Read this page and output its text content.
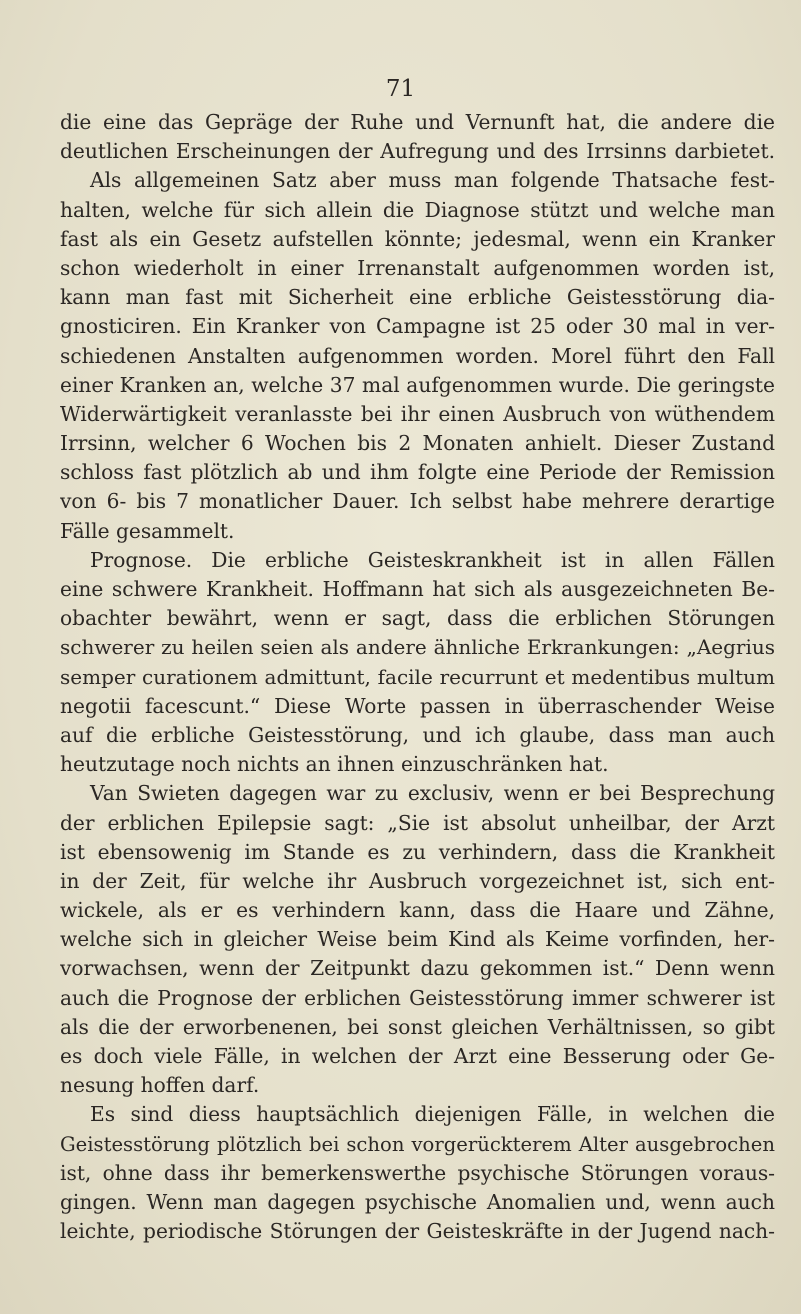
71
die eine das Gepräge der Ruhe und Vernunft hat, die andere die
deutlichen Erscheinungen der Aufregung und des Irrsinns darbietet.
Als allgemeinen Satz aber muss man folgende Thatsache fest-
halten, welche für sich allein die Diagnose stützt und welche man
fast als ein Gesetz aufstellen könnte; jedesmal, wenn ein Kranker
schon wiederholt in einer Irrenanstalt aufgenommen worden ist,
kann man fast mit Sicherheit eine erbliche Geistesstörung dia-
gnosticiren. Ein Kranker von Campagne ist 25 oder 30 mal in ver-
schiedenen Anstalten aufgenommen worden. Morel führt den Fall
einer Kranken an, welche 37 mal aufgenommen wurde. Die geringste
Widerwärtigkeit veranlasste bei ihr einen Ausbruch von wüthendem
Irrsinn, welcher 6 Wochen bis 2 Monaten anhielt. Dieser Zustand
schloss fast plötzlich ab und ihm folgte eine Periode der Remission
von 6- bis 7 monatlicher Dauer. Ich selbst habe mehrere derartige
Fälle gesammelt.
Prognose. Die erbliche Geisteskrankheit ist in allen Fällen
eine schwere Krankheit. Hoffmann hat sich als ausgezeichneten Be-
obachter bewährt, wenn er sagt, dass die erblichen Störungen
schwerer zu heilen seien als andere ähnliche Erkrankungen: „Aegrius
semper curationem admittunt, facile recurrunt et medentibus multum
negotii facescunt.“ Diese Worte passen in überraschender Weise
auf die erbliche Geistesstörung, und ich glaube, dass man auch
heutzutage noch nichts an ihnen einzuschränken hat.
Van Swieten dagegen war zu exclusiv, wenn er bei Besprechung
der erblichen Epilepsie sagt: „Sie ist absolut unheilbar, der Arzt
ist ebensowenig im Stande es zu verhindern, dass die Krankheit
in der Zeit, für welche ihr Ausbruch vorgezeichnet ist, sich ent-
wickele, als er es verhindern kann, dass die Haare und Zähne,
welche sich in gleicher Weise beim Kind als Keime vorfinden, her-
vorwachsen, wenn der Zeitpunkt dazu gekommen ist.“ Denn wenn
auch die Prognose der erblichen Geistesstörung immer schwerer ist
als die der erworbenenen, bei sonst gleichen Verhältnissen, so gibt
es doch viele Fälle, in welchen der Arzt eine Besserung oder Ge-
nesung hoffen darf.
Es sind diess hauptsächlich diejenigen Fälle, in welchen die
Geistesstörung plötzlich bei schon vorgerückterem Alter ausgebrochen
ist, ohne dass ihr bemerkenswerthe psychische Störungen voraus-
gingen. Wenn man dagegen psychische Anomalien und, wenn auch
leichte, periodische Störungen der Geisteskräfte in der Jugend nach-
